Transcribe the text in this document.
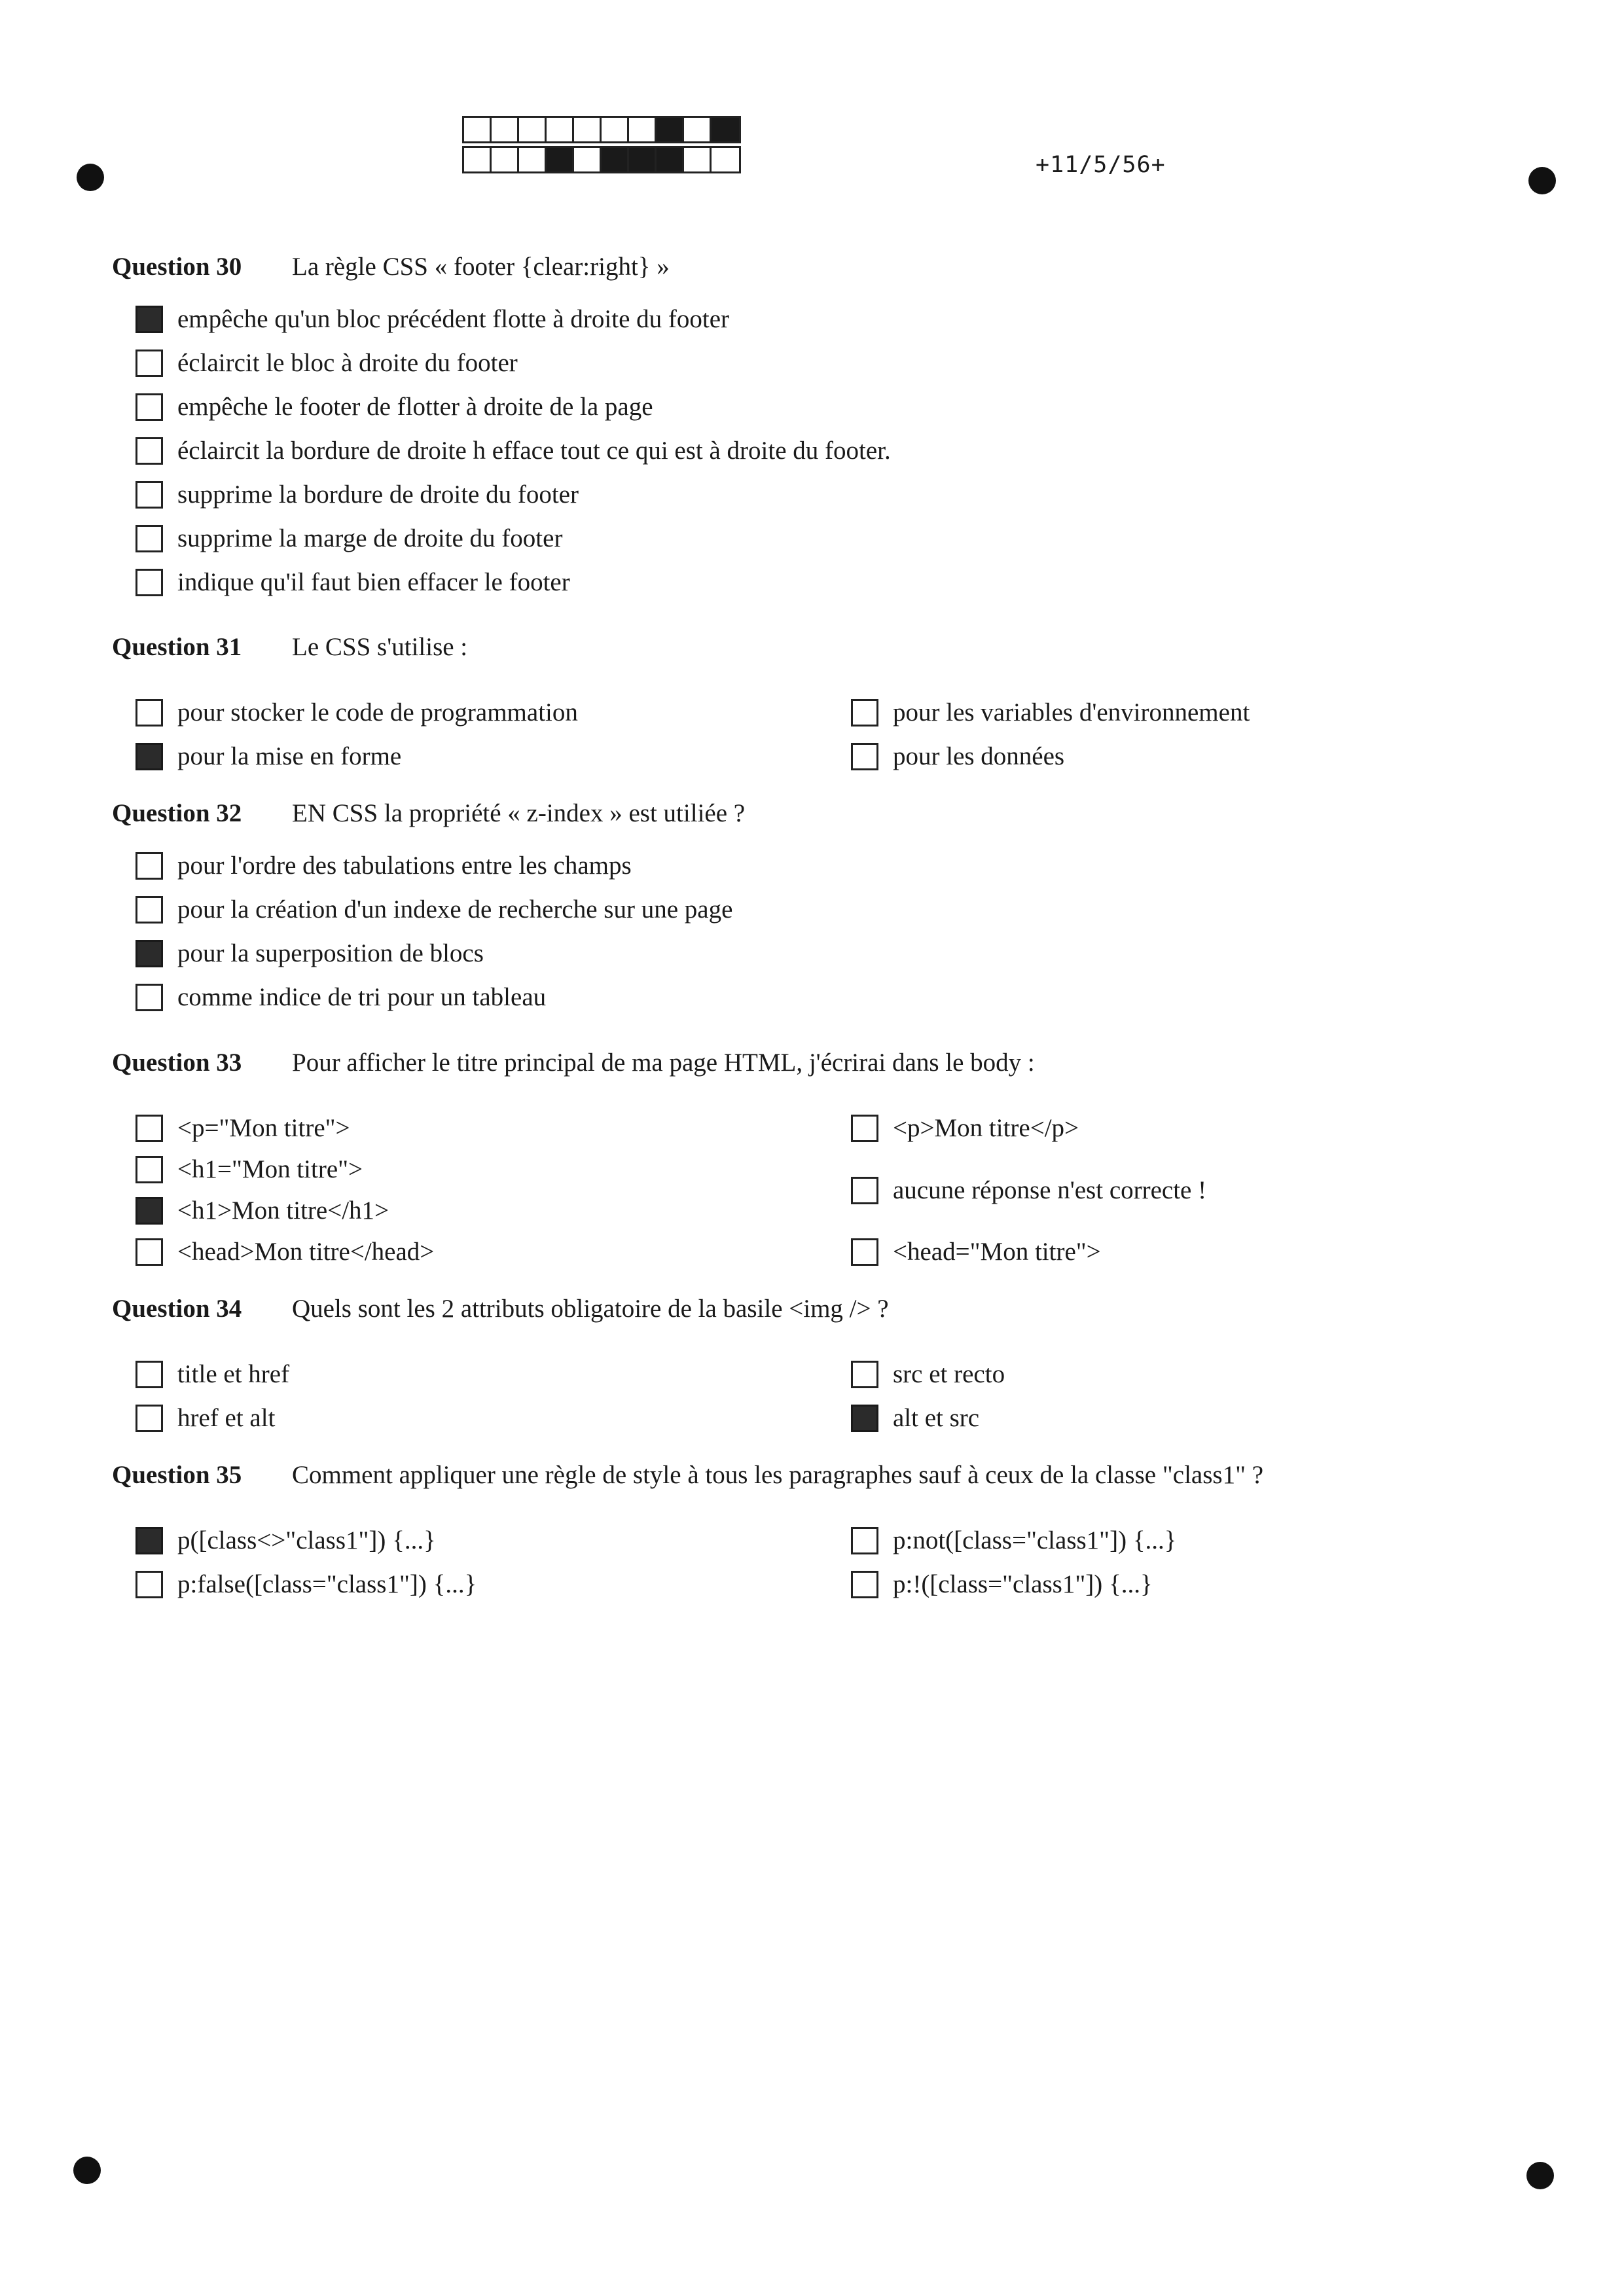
+11/5/56+
Question 30 La règle CSS « footer {clear:right} »
empêche qu'un bloc précédent flotte à droite du footer
éclaircit le bloc à droite du footer
empêche le footer de flotter à droite de la page
éclaircit la bordure de droite h efface tout ce qui est à droite du footer.
supprime la bordure de droite du footer
supprime la marge de droite du footer
indique qu'il faut bien effacer le footer
Question 31 Le CSS s'utilise :
pour stocker le code de programmation
pour la mise en forme
pour les variables d'environnement
pour les données
Question 32 EN CSS la propriété « z-index » est utiliée ?
pour l'ordre des tabulations entre les champs
pour la création d'un indexe de recherche sur une page
pour la superposition de blocs
comme indice de tri pour un tableau
Question 33 Pour afficher le titre principal de ma page HTML, j'écrirai dans le body :
<p="Mon titre">
<h1="Mon titre">
<h1>Mon titre</h1>
<head>Mon titre</head>
<p>Mon titre</p>
aucune réponse n'est correcte !
<head="Mon titre">
Question 34 Quels sont les 2 attributs obligatoire de la basile <img /> ?
title et href
href et alt
src et recto
alt et src
Question 35 Comment appliquer une règle de style à tous les paragraphes sauf à ceux de la classe "class1" ?
p([class<>"class1"]) {...}
p:false([class="class1"]) {...}
p:not([class="class1"]) {...}
p:!([class="class1"]) {...}
